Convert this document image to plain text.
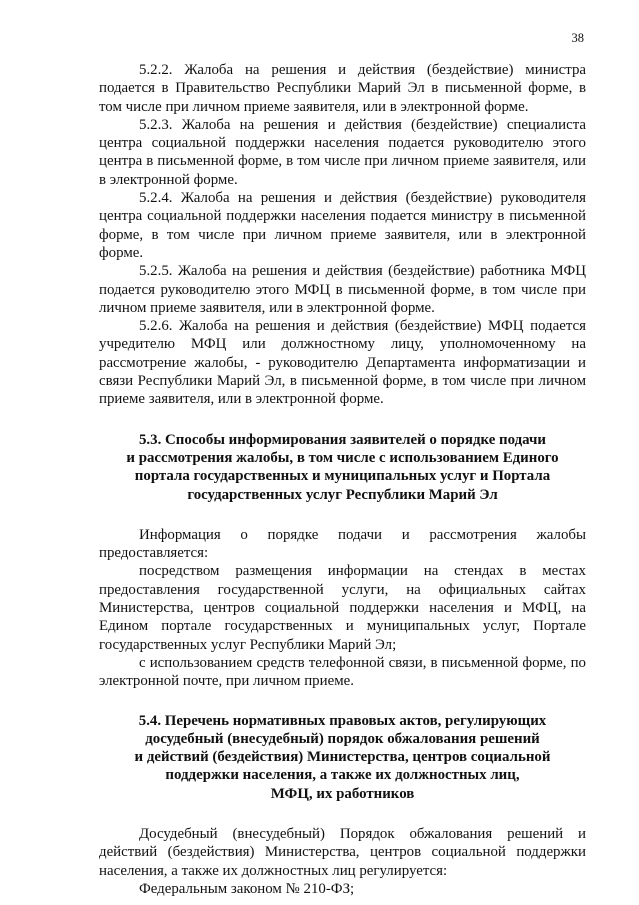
38

5.2.2. Жалоба на решения и действия (бездействие) министра подается в Правительство Республики Марий Эл в письменной форме, в том числе при личном приеме заявителя, или в электронной форме.

5.2.3. Жалоба на решения и действия (бездействие) специалиста центра социальной поддержки населения подается руководителю этого центра в письменной форме, в том числе при личном приеме заявителя, или в электронной форме.

5.2.4. Жалоба на решения и действия (бездействие) руководителя центра социальной поддержки населения подается министру в письменной форме, в том числе при личном приеме заявителя, или в электронной форме.

5.2.5. Жалоба на решения и действия (бездействие) работника МФЦ подается руководителю этого МФЦ в письменной форме, в том числе при личном приеме заявителя, или в электронной форме.

5.2.6. Жалоба на решения и действия (бездействие) МФЦ подается учредителю МФЦ или должностному лицу, уполномоченному на рассмотрение жалобы, - руководителю Департамента информатизации и связи Республики Марий Эл, в письменной форме, в том числе при личном приеме заявителя, или в электронной форме.

5.3. Способы информирования заявителей о порядке подачи
и рассмотрения жалобы, в том числе с использованием Единого
портала государственных и муниципальных услуг и Портала
государственных услуг Республики Марий Эл

Информация о порядке подачи и рассмотрения жалобы предоставляется:

посредством размещения информации на стендах в местах предоставления государственной услуги, на официальных сайтах Министерства, центров социальной поддержки населения и МФЦ, на Едином портале государственных и муниципальных услуг, Портале государственных услуг Республики Марий Эл;

с использованием средств телефонной связи, в письменной форме, по электронной почте, при личном приеме.

5.4. Перечень нормативных правовых актов, регулирующих
досудебный (внесудебный) порядок обжалования решений
и действий (бездействия) Министерства, центров социальной
поддержки населения, а также их должностных лиц,
МФЦ, их работников

Досудебный (внесудебный) Порядок обжалования решений и действий (бездействия) Министерства, центров социальной поддержки населения, а также их должностных лиц регулируется:

Федеральным законом № 210-ФЗ;
